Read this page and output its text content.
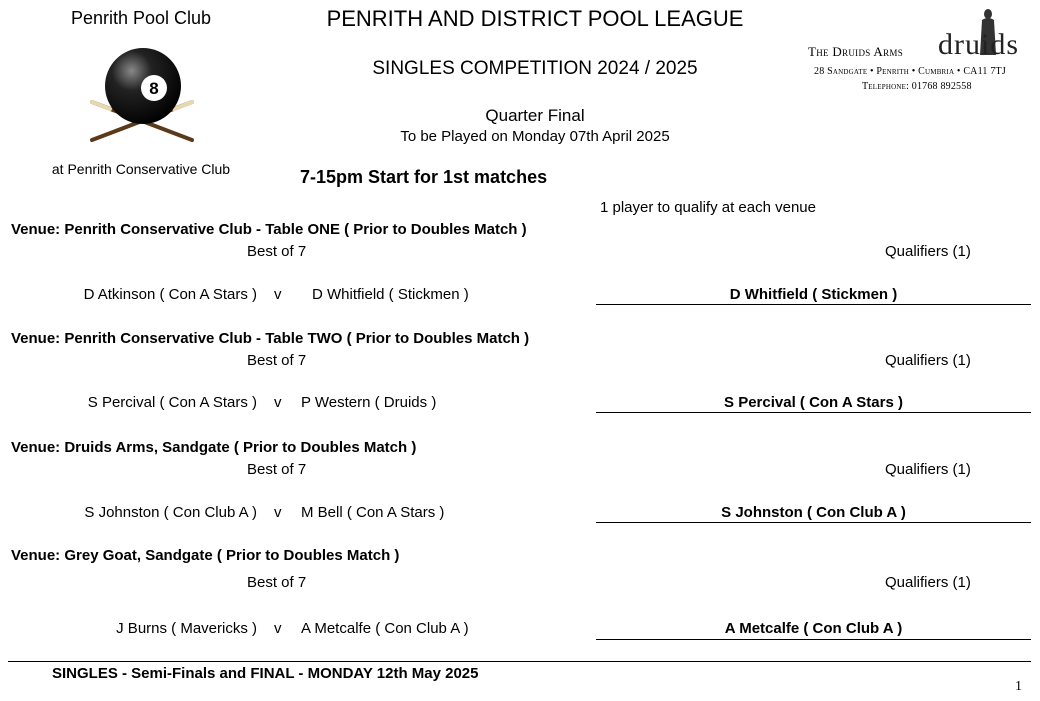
Penrith Pool Club
8
at Penrith Conservative Club
PENRITH AND DISTRICT POOL LEAGUE
SINGLES COMPETITION 2024 / 2025
Quarter Final
To be Played on Monday 07th April 2025
7-15pm Start for 1st matches
1 player to qualify at each venue
The Druids Arms druids
28 Sandgate • Penrith • Cumbria • CA11 7TJ
Telephone: 01768 892558
Venue: Penrith Conservative Club - Table ONE ( Prior to Doubles Match )
Best of 7	Qualifiers (1)
D Atkinson ( Con A Stars ) v D Whitfield ( Stickmen )	D Whitfield ( Stickmen )
Venue: Penrith Conservative Club - Table TWO ( Prior to Doubles Match )
Best of 7	Qualifiers (1)
S Percival ( Con A Stars ) v P Western ( Druids )	S Percival ( Con A Stars )
Venue: Druids Arms, Sandgate ( Prior to Doubles Match )
Best of 7	Qualifiers (1)
S Johnston ( Con Club A ) v M Bell ( Con A Stars )	S Johnston ( Con Club A )
Venue: Grey Goat, Sandgate ( Prior to Doubles Match )
Best of 7	Qualifiers (1)
J Burns ( Mavericks ) v A Metcalfe ( Con Club A )	A Metcalfe ( Con Club A )
SINGLES - Semi-Finals and FINAL - MONDAY 12th May 2025
1
